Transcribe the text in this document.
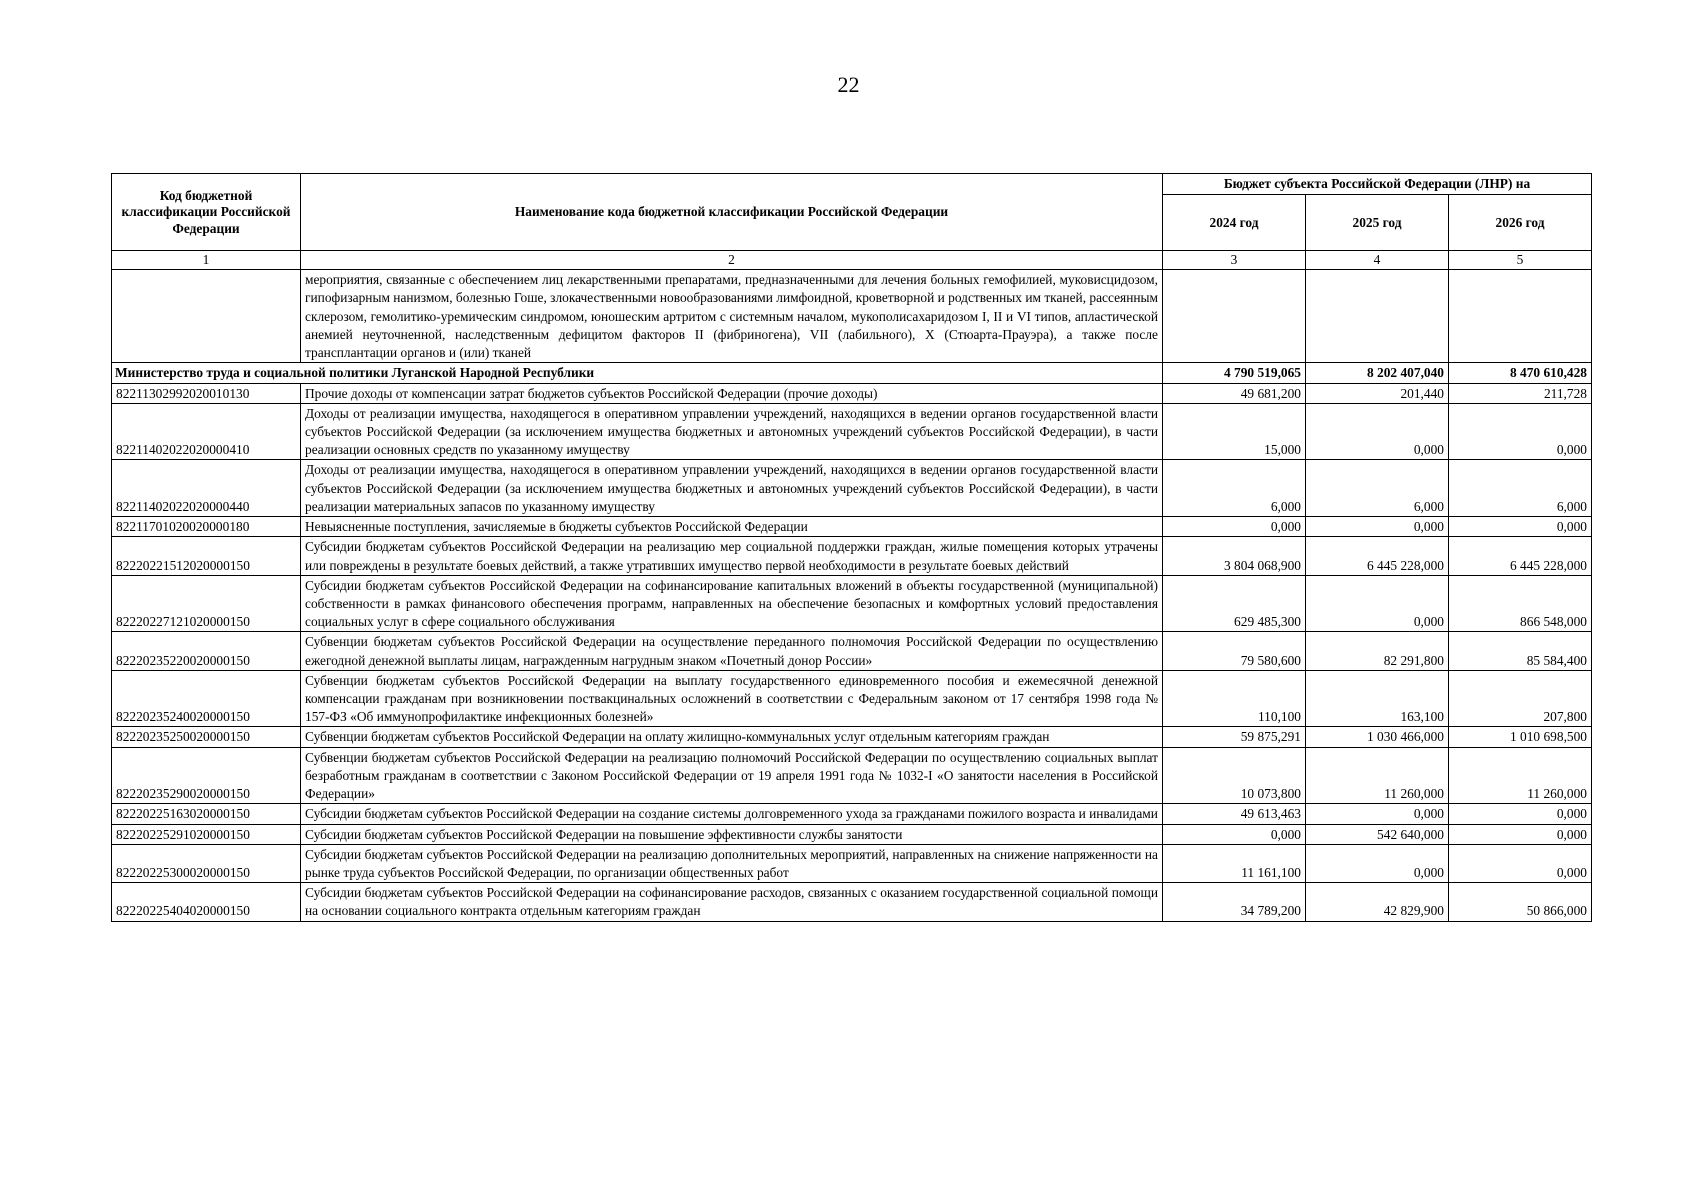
22
Код бюджетной классификации Российской Федерации	Наименование кода бюджетной классификации Российской Федерации	Бюджет субъекта Российской Федерации (ЛНР) на		
		2024 год	2025 год	2026 год
1	2	3	4	5
	мероприятия, связанные с обеспечением лиц лекарственными препаратами, предназначенными для лечения больных гемофилией, муковисцидозом, гипофизарным нанизмом, болезнью Гоше, злокачественными новообразованиями лимфоидной, кроветворной и родственных им тканей, рассеянным склерозом, гемолитико-уремическим синдромом, юношеским артритом с системным началом, мукополисахаридозом I, II и VI типов, апластической анемией неуточненной, наследственным дефицитом факторов II (фибриногена), VII (лабильного), X (Стюарта-Прауэра), а также после трансплантации органов и (или) тканей			
Министерство труда и социальной политики Луганской Народной Республики		4 790 519,065	8 202 407,040	8 470 610,428
82211302992020010130	Прочие доходы от компенсации затрат бюджетов субъектов Российской Федерации (прочие доходы)	49 681,200	201,440	211,728
82211402022020000410	Доходы от реализации имущества, находящегося в оперативном управлении учреждений, находящихся в ведении органов государственной власти субъектов Российской Федерации (за исключением имущества бюджетных и автономных учреждений субъектов Российской Федерации), в части реализации основных средств по указанному имуществу	15,000	0,000	0,000
82211402022020000440	Доходы от реализации имущества, находящегося в оперативном управлении учреждений, находящихся в ведении органов государственной власти субъектов Российской Федерации (за исключением имущества бюджетных и автономных учреждений субъектов Российской Федерации), в части реализации материальных запасов по указанному имуществу	6,000	6,000	6,000
82211701020020000180	Невыясненные поступления, зачисляемые в бюджеты субъектов Российской Федерации	0,000	0,000	0,000
82220221512020000150	Субсидии бюджетам субъектов Российской Федерации на реализацию мер социальной поддержки граждан, жилые помещения которых утрачены или повреждены в результате боевых действий, а также утративших имущество первой необходимости в результате боевых действий	3 804 068,900	6 445 228,000	6 445 228,000
82220227121020000150	Субсидии бюджетам субъектов Российской Федерации на софинансирование капитальных вложений в объекты государственной (муниципальной) собственности в рамках финансового обеспечения программ, направленных на обеспечение безопасных и комфортных условий предоставления социальных услуг в сфере социального обслуживания	629 485,300	0,000	866 548,000
82220235220020000150	Субвенции бюджетам субъектов Российской Федерации на осуществление переданного полномочия Российской Федерации по осуществлению ежегодной денежной выплаты лицам, награжденным нагрудным знаком «Почетный донор России»	79 580,600	82 291,800	85 584,400
82220235240020000150	Субвенции бюджетам субъектов Российской Федерации на выплату государственного единовременного пособия и ежемесячной денежной компенсации гражданам при возникновении поствакцинальных осложнений в соответствии с Федеральным законом от 17 сентября 1998 года № 157-ФЗ «Об иммунопрофилактике инфекционных болезней»	110,100	163,100	207,800
82220235250020000150	Субвенции бюджетам субъектов Российской Федерации на оплату жилищно-коммунальных услуг отдельным категориям граждан	59 875,291	1 030 466,000	1 010 698,500
82220235290020000150	Субвенции бюджетам субъектов Российской Федерации на реализацию полномочий Российской Федерации по осуществлению социальных выплат безработным гражданам в соответствии с Законом Российской Федерации от 19 апреля 1991 года № 1032-I «О занятости населения в Российской Федерации»	10 073,800	11 260,000	11 260,000
82220225163020000150	Субсидии бюджетам субъектов Российской Федерации на создание системы долговременного ухода за гражданами пожилого возраста и инвалидами	49 613,463	0,000	0,000
82220225291020000150	Субсидии бюджетам субъектов Российской Федерации на повышение эффективности службы занятости	0,000	542 640,000	0,000
82220225300020000150	Субсидии бюджетам субъектов Российской Федерации на реализацию дополнительных мероприятий, направленных на снижение напряженности на рынке труда субъектов Российской Федерации, по организации общественных работ	11 161,100	0,000	0,000
82220225404020000150	Субсидии бюджетам субъектов Российской Федерации на софинансирование расходов, связанных с оказанием государственной социальной помощи на основании социального контракта отдельным категориям граждан	34 789,200	42 829,900	50 866,000
